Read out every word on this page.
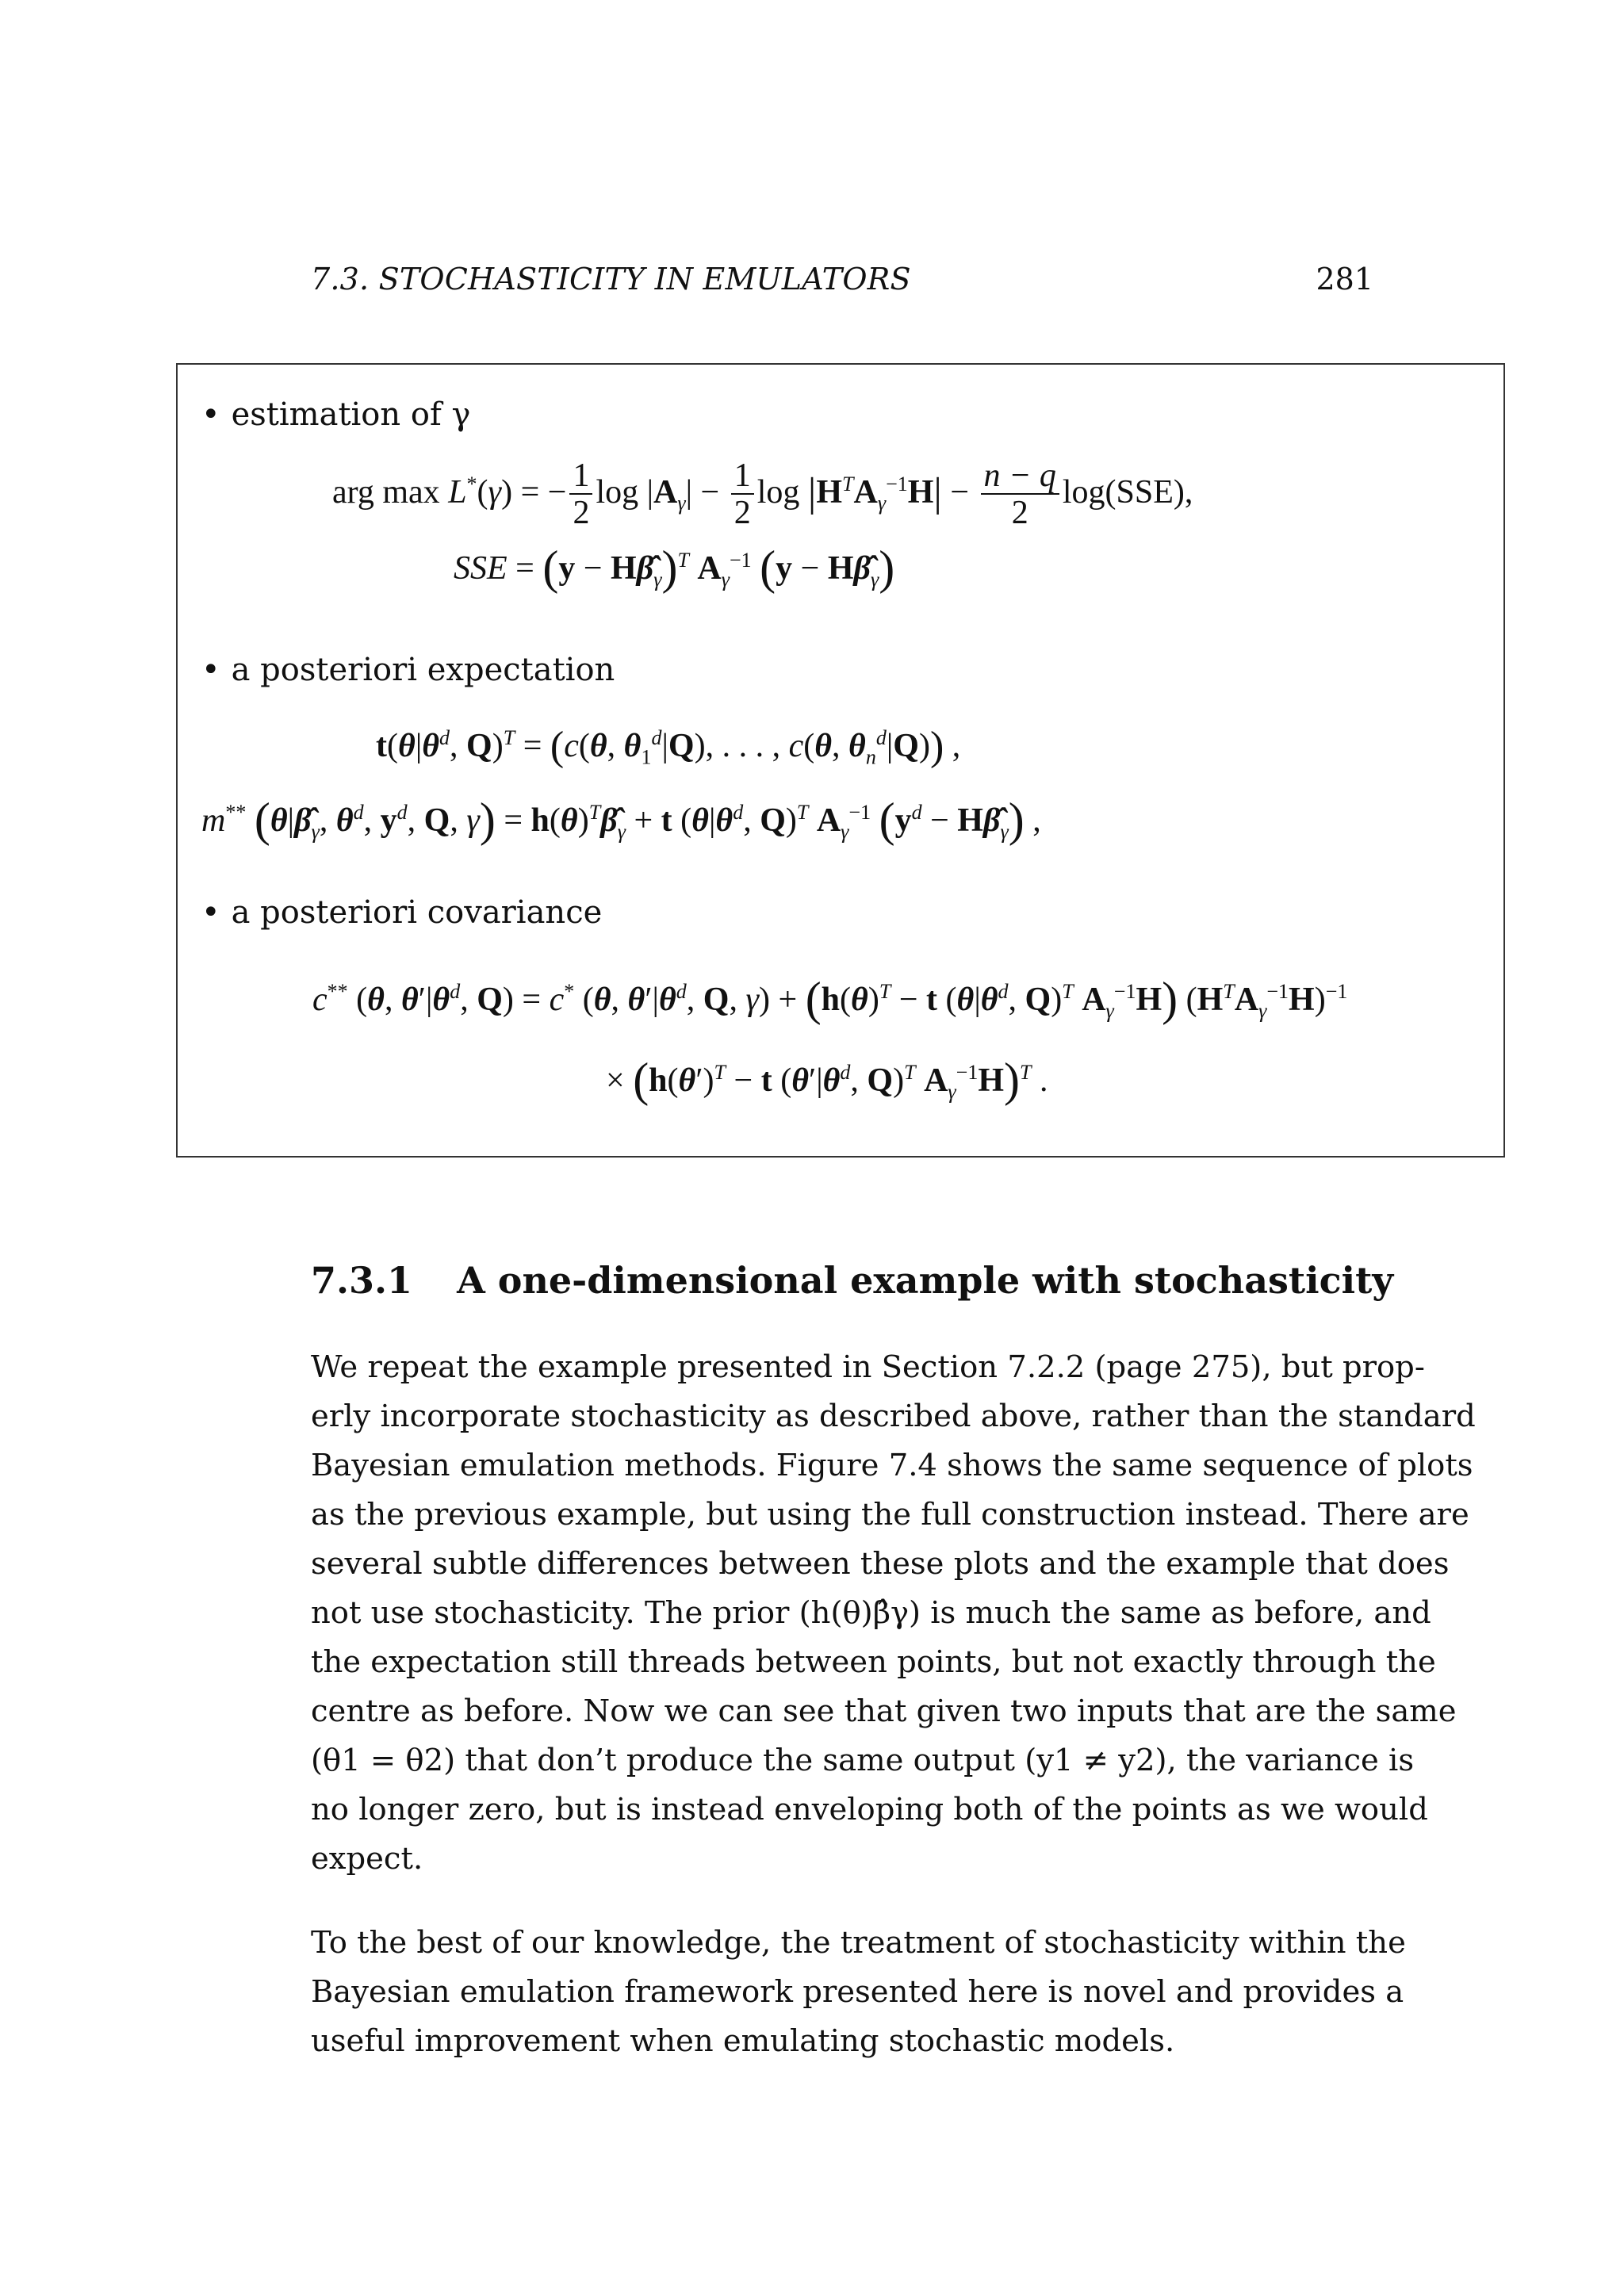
7.3. STOCHASTICITY IN EMULATORS	281
• estimation of γ
arg max L*(γ) = − $\frac{1}{2}$ $\log |A_\gamma| - \frac{1}{2}$ $\log |H^TA_\gamma^{-1}H| - \frac{n - q}{2} \log(SSE)$,
SSE = $(y - H\betâ_\gamma)^T$ $A_\gamma^{-1}$ $(y - H\betâ_\gamma)$
• a posteriori expectation
$t(\theta|\theta^d$, Q)$^T$ = (c(θ, $\theta_1^d|Q$), . . . , c(θ, $\theta_n^d|Q$)) ,
m** ($\theta|\betâ_\gamma$, $\theta^d$, $y^d$, Q, $\gamma) = h(\theta)^T\betâ_\gamma + t$ ($\theta|\theta^d$, Q)$^T$ $A_\gamma^{-1}$ ($y^d$ − $H\betâ_\gamma$) ,
• a posteriori covariance
c** (θ, $\theta'|\theta^d$, Q) = c* (θ, $\theta'|\theta^d$, Q, $\gamma) + (h(\theta)^T - t$ ($\theta|\theta^d$, Q)$^T$ $A_\gamma^{-1}H$) $(H^TA_\gamma^{-1}H)^{-1}$
× ($h(\theta')^T - t$ ($\theta'|\theta^d$, Q)$^T$ $A_\gamma^{-1}H)^T$ .
7.3.1 A one-dimensional example with stochasticity
We repeat the example presented in Section 7.2.2 (page 275), but prop-
erly incorporate stochasticity as described above, rather than the standard
Bayesian emulation methods. Figure 7.4 shows the same sequence of plots
as the previous example, but using the full construction instead. There are
several subtle differences between these plots and the example that does
not use stochasticity. The prior (h(θ)β̂γ) is much the same as before, and
the expectation still threads between points, but not exactly through the
centre as before. Now we can see that given two inputs that are the same
(θ1 = θ2) that don’t produce the same output (y1 ≠ y2), the variance is
no longer zero, but is instead enveloping both of the points as we would
expect.
To the best of our knowledge, the treatment of stochasticity within the
Bayesian emulation framework presented here is novel and provides a
useful improvement when emulating stochastic models.
